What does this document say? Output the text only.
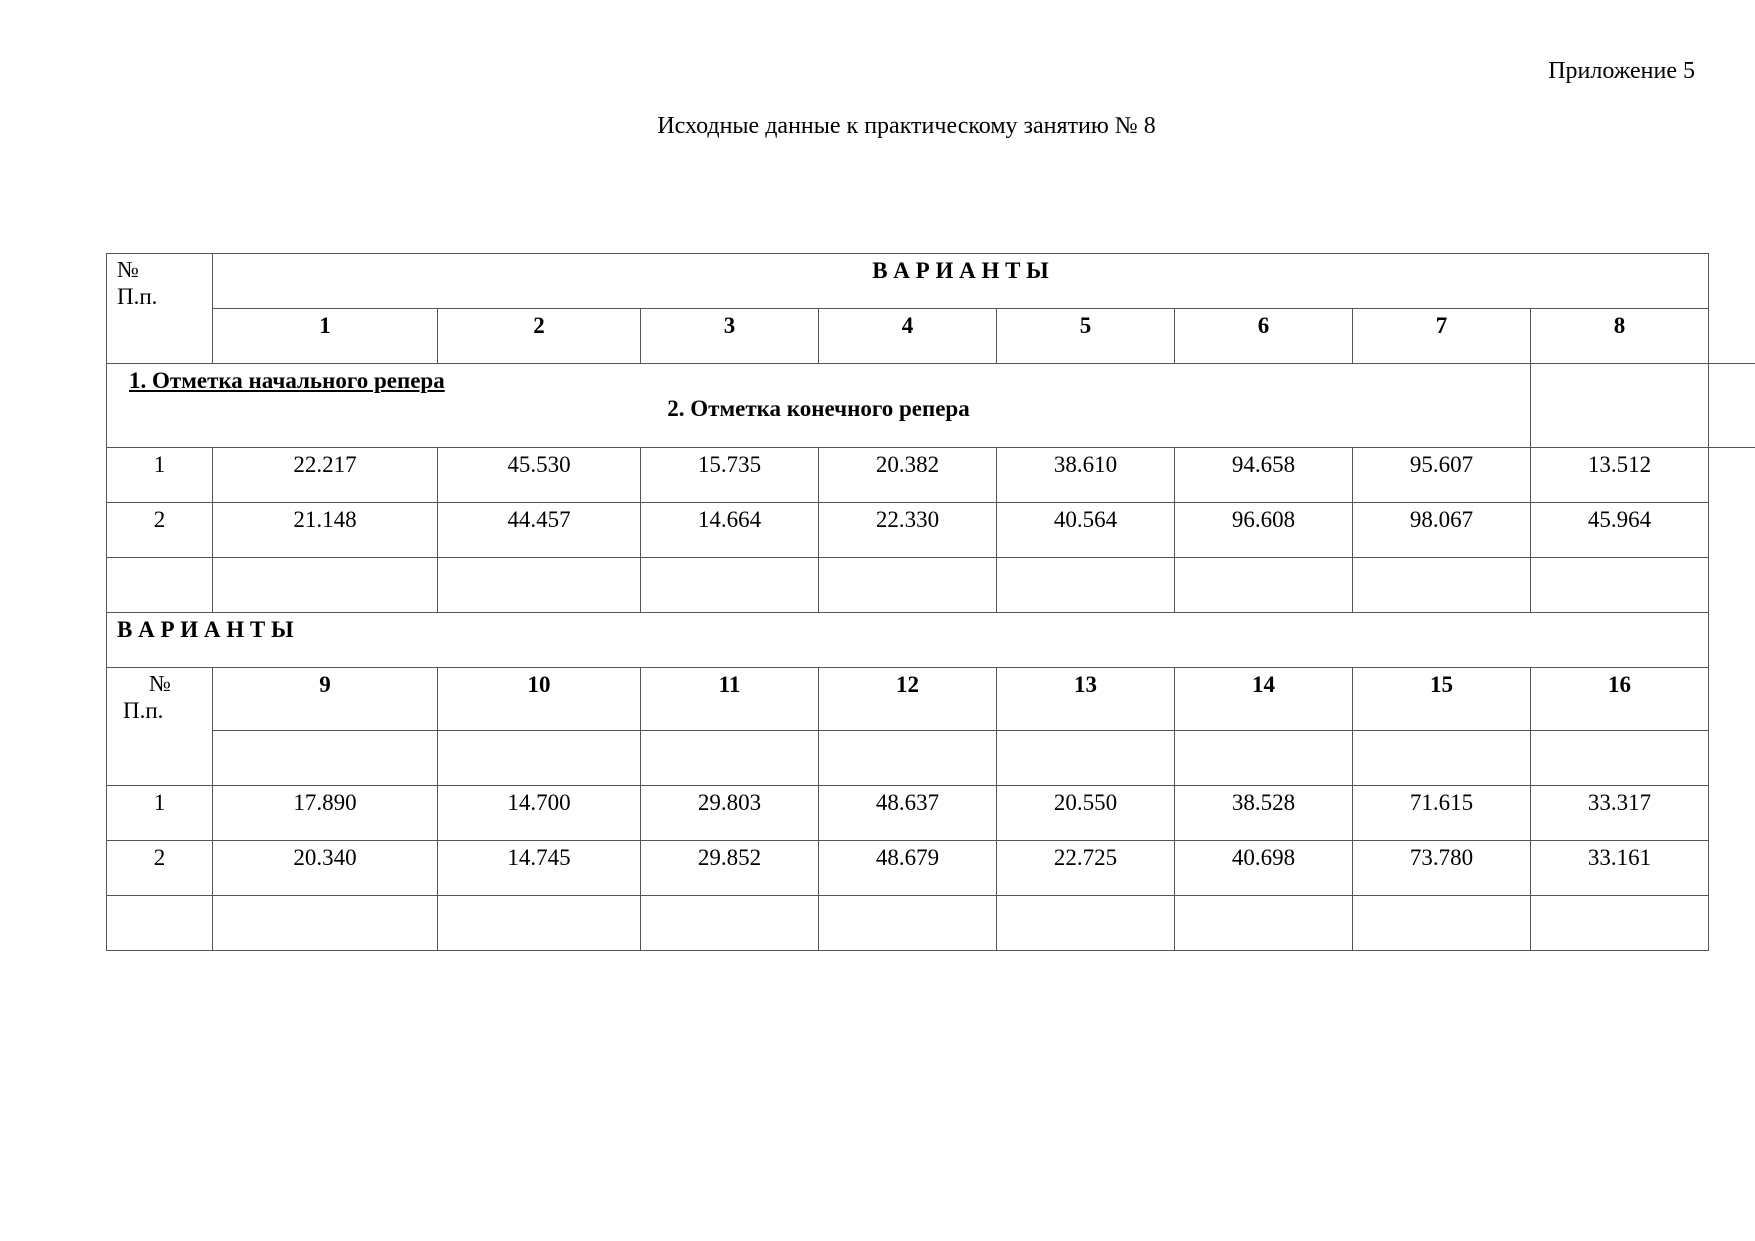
Приложение 5
Исходные данные к практическому занятию № 8
№
П.п.
В А Р И А Н Т Ы
1	2	3	4	5	6	7	8
1. Отметка начального репера
2. Отметка конечного репера
1	22.217	45.530	15.735	20.382	38.610	94.658	95.607	13.512
2	21.148	44.457	14.664	22.330	40.564	96.608	98.067	45.964
В А Р И А Н Т Ы
№
П.п.
9	10	11	12	13	14	15	16
1	17.890	14.700	29.803	48.637	20.550	38.528	71.615	33.317
2	20.340	14.745	29.852	48.679	22.725	40.698	73.780	33.161
